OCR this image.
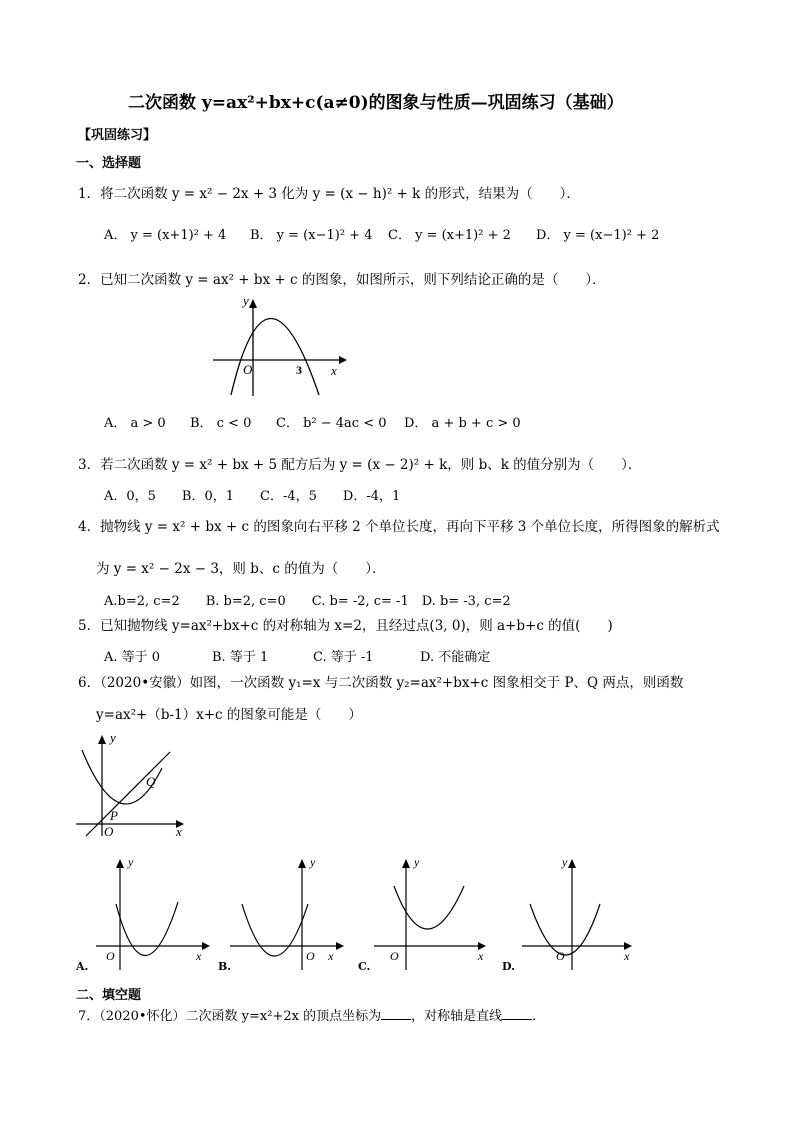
二次函数 y=ax²+bx+c(a≠0)的图象与性质—巩固练习（基础）
【巩固练习】
一、选择题
1．将二次函数 y = x² − 2x + 3 化为 y = (x − h)² + k 的形式，结果为（　　）．
A． y = (x+1)² + 4 B． y = (x−1)² + 4 C． y = (x+1)² + 2 D． y = (x−1)² + 2
2．已知二次函数 y = ax² + bx + c 的图象，如图所示，则下列结论正确的是（　　）．
y
x
O	3
A． a > 0 B． c < 0 C． b² − 4ac < 0 D． a + b + c > 0
3．若二次函数 y = x² + bx + 5 配方后为 y = (x − 2)² + k，则 b、k 的值分别为（　　）．
A．0，5　　B．0，1　　C．-4，5　　D．-4，1
4．抛物线 y = x² + bx + c 的图象向右平移 2 个单位长度，再向下平移 3 个单位长度，所得图象的解析式
为 y = x² − 2x − 3，则 b、c 的值为（　　）．
A.b=2, c=2　　B. b=2, c=0　　C. b= -2, c= -1　D. b= -3, c=2
5．已知抛物线 y=ax²+bx+c 的对称轴为 x=2，且经过点(3, 0)，则 a+b+c 的值(　　)
A. 等于 0	B. 等于 1	C. 等于 -1	D. 不能确定
6．（2020•安徽）如图，一次函数 y₁=x 与二次函数 y₂=ax²+bx+c 图象相交于 P、Q 两点，则函数
y=ax²+（b-1）x+c 的图象可能是（　　）
y
x
O
P
Q
y
x
O
A.
y
x
O
B.
y
x
O
C.
y
x
O
D.
二、填空题
7．（2020•怀化）二次函数 y=x²+2x 的顶点坐标为 ，对称轴是直线 ．
